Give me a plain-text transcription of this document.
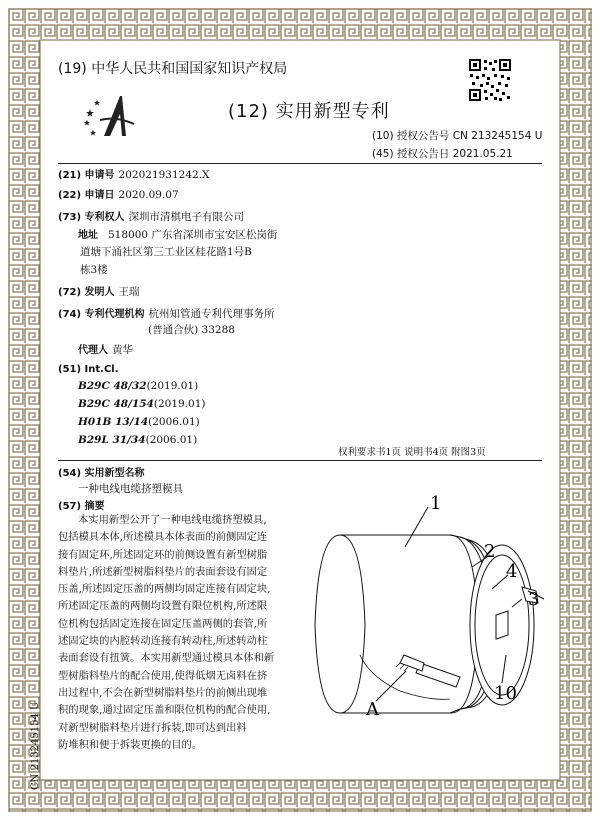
(19) 中华人民共和国国家知识产权局
(12) 实用新型专利
(10) 授权公告号 CN 213245154 U
(45) 授权公告日 2021.05.21
(21) 申请号 202021931242.X
(22) 申请日 2020.09.07
(73) 专利权人 深圳市清棋电子有限公司
地址 518000 广东省深圳市宝安区松岗街
道塘下涌社区第三工业区桂花路1号B
栋3楼
(72) 发明人 王瑞
(74) 专利代理机构 杭州知管通专利代理事务所
(普通合伙) 33288
代理人 黄华
(51) Int.Cl.
B29C 48/32(2019.01)
B29C 48/154(2019.01)
H01B 13/14(2006.01)
B29L 31/34(2006.01)
权利要求书1页 说明书4页 附图3页
(54) 实用新型名称
一种电线电缆挤塑模具
(57) 摘要

本实用新型公开了一种电线电缆挤塑模具,

包括模具本体,所述模具本体表面的前侧固定连

接有固定环,所述固定环的前侧设置有新型树脂

料垫片,所述新型树脂料垫片的表面套设有固定

压盖,所述固定压盖的两侧均固定连接有固定块,

所述固定压盖的两侧均设置有限位机构,所述限

位机构包括固定连接在固定压盖两侧的套管,所

述固定块的内腔转动连接有转动柱,所述转动柱

表面套设有扭簧。本实用新型通过模具本体和新

型树脂料垫片的配合使用,使得低烟无卤料在挤

出过程中,不会在新型树脂料垫片的前侧出现堆

积的现象,通过固定压盖和限位机构的配合使用,

对新型树脂料垫片进行拆装,即可达到出料

防堆积和便于拆装更换的目的。

1
2
4
3
10
A
CN 213245154 U
